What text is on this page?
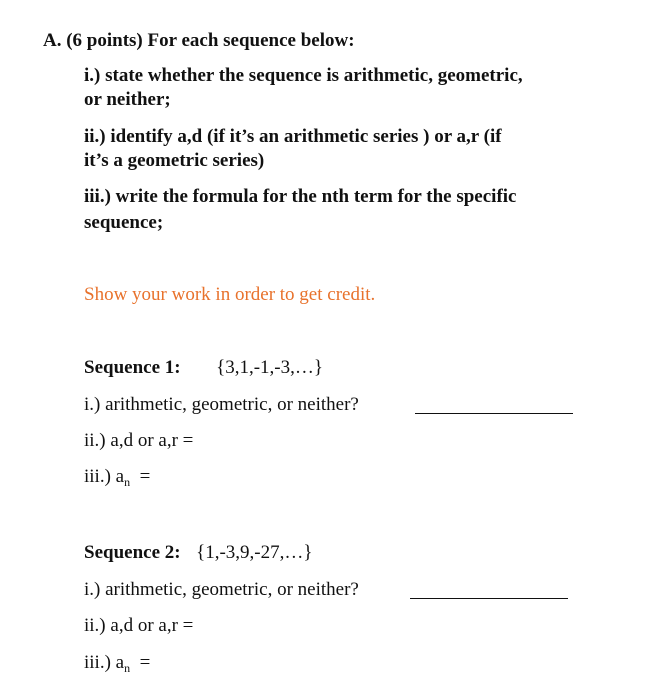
A. (6 points) For each sequence below:
i.) state whether the sequence is arithmetic, geometric,
or neither;
ii.) identify a,d (if it’s an arithmetic series ) or a,r (if
it’s a geometric series)
iii.) write the formula for the nth term for the specific
sequence;
Show your work in order to get credit.
Sequence 1: {3,1,-1,-3,…}
i.) arithmetic, geometric, or neither?
ii.) a,d or a,r =
iii.) $a_n$  =
Sequence 2: {1,-3,9,-27,…}
i.) arithmetic, geometric, or neither?
ii.) a,d or a,r =
iii.) $a_n$  =
